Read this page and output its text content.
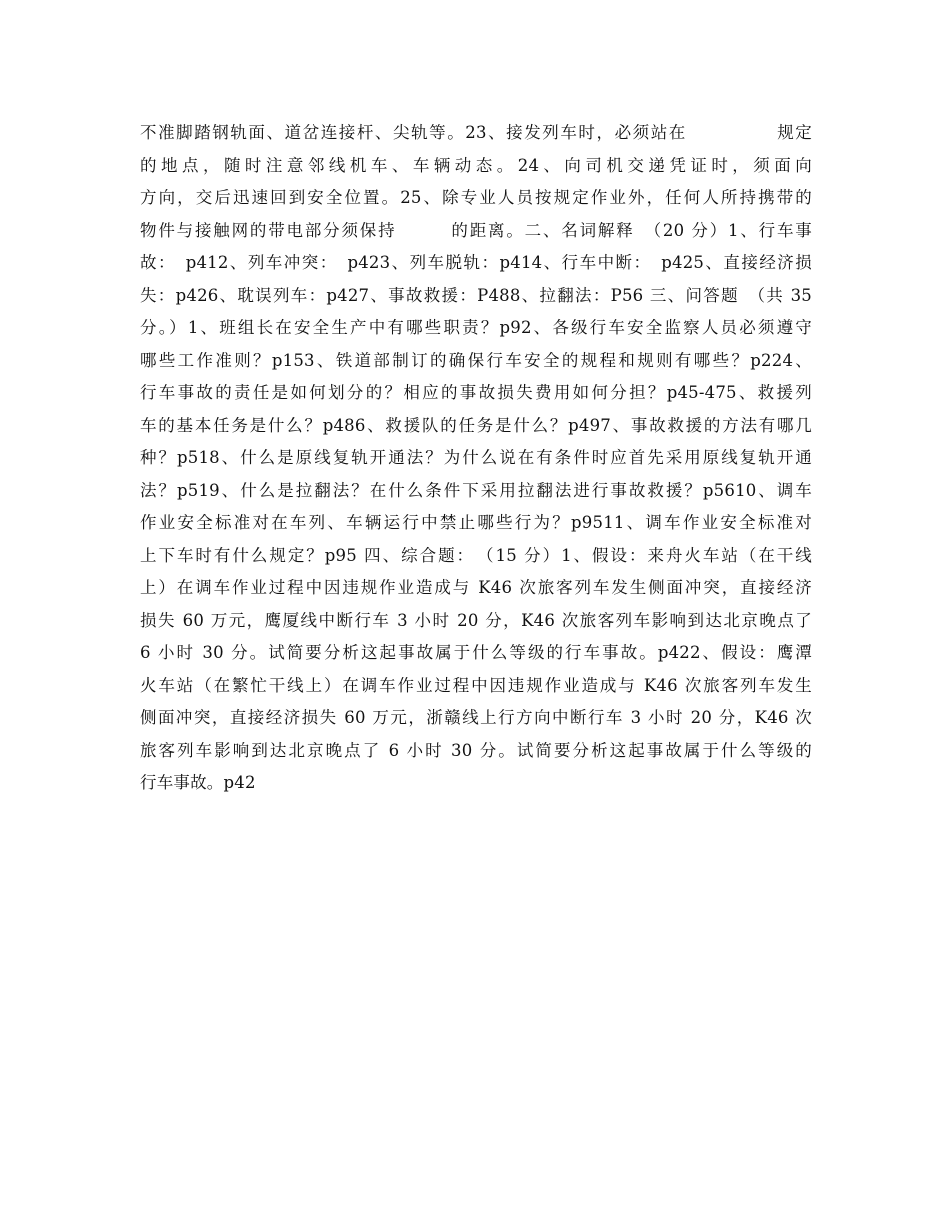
不准脚踏钢轨面、道岔连接杆、尖轨等。23、接发列车时，必须站在　　　　　规定
的地点，随时注意邻线机车、车辆动态。24、向司机交递凭证时，须面向　　　　　
方向，交后迅速回到安全位置。25、除专业人员按规定作业外，任何人所持携带的
物件与接触网的带电部分须保持　　　的距离。二、名词解释　（20 分）1、行车事
故：　p412、列车冲突：　p423、列车脱轨：p414、行车中断：　p425、直接经济损
失：p426、耽误列车：p427、事故救援：P488、拉翻法：P56 三、问答题　（共 35
分。）1、班组长在安全生产中有哪些职责？p92、各级行车安全监察人员必须遵守
哪些工作准则？p153、铁道部制订的确保行车安全的规程和规则有哪些？p224、
行车事故的责任是如何划分的？相应的事故损失费用如何分担？p45-475、救援列
车的基本任务是什么？p486、救援队的任务是什么？p497、事故救援的方法有哪几
种？p518、什么是原线复轨开通法？为什么说在有条件时应首先采用原线复轨开通
法？p519、什么是拉翻法？在什么条件下采用拉翻法进行事故救援？p5610、调车
作业安全标准对在车列、车辆运行中禁止哪些行为？p9511、调车作业安全标准对
上下车时有什么规定？p95 四、综合题：　（15 分）1、假设：来舟火车站（在干线
上）在调车作业过程中因违规作业造成与 K46 次旅客列车发生侧面冲突，直接经济
损失 60 万元，鹰厦线中断行车 3 小时 20 分，K46 次旅客列车影响到达北京晚点了
6 小时 30 分。试简要分析这起事故属于什么等级的行车事故。p422、假设：鹰潭
火车站（在繁忙干线上）在调车作业过程中因违规作业造成与 K46 次旅客列车发生
侧面冲突，直接经济损失 60 万元，浙赣线上行方向中断行车 3 小时 20 分，K46 次
旅客列车影响到达北京晚点了 6 小时 30 分。试简要分析这起事故属于什么等级的
行车事故。p42
